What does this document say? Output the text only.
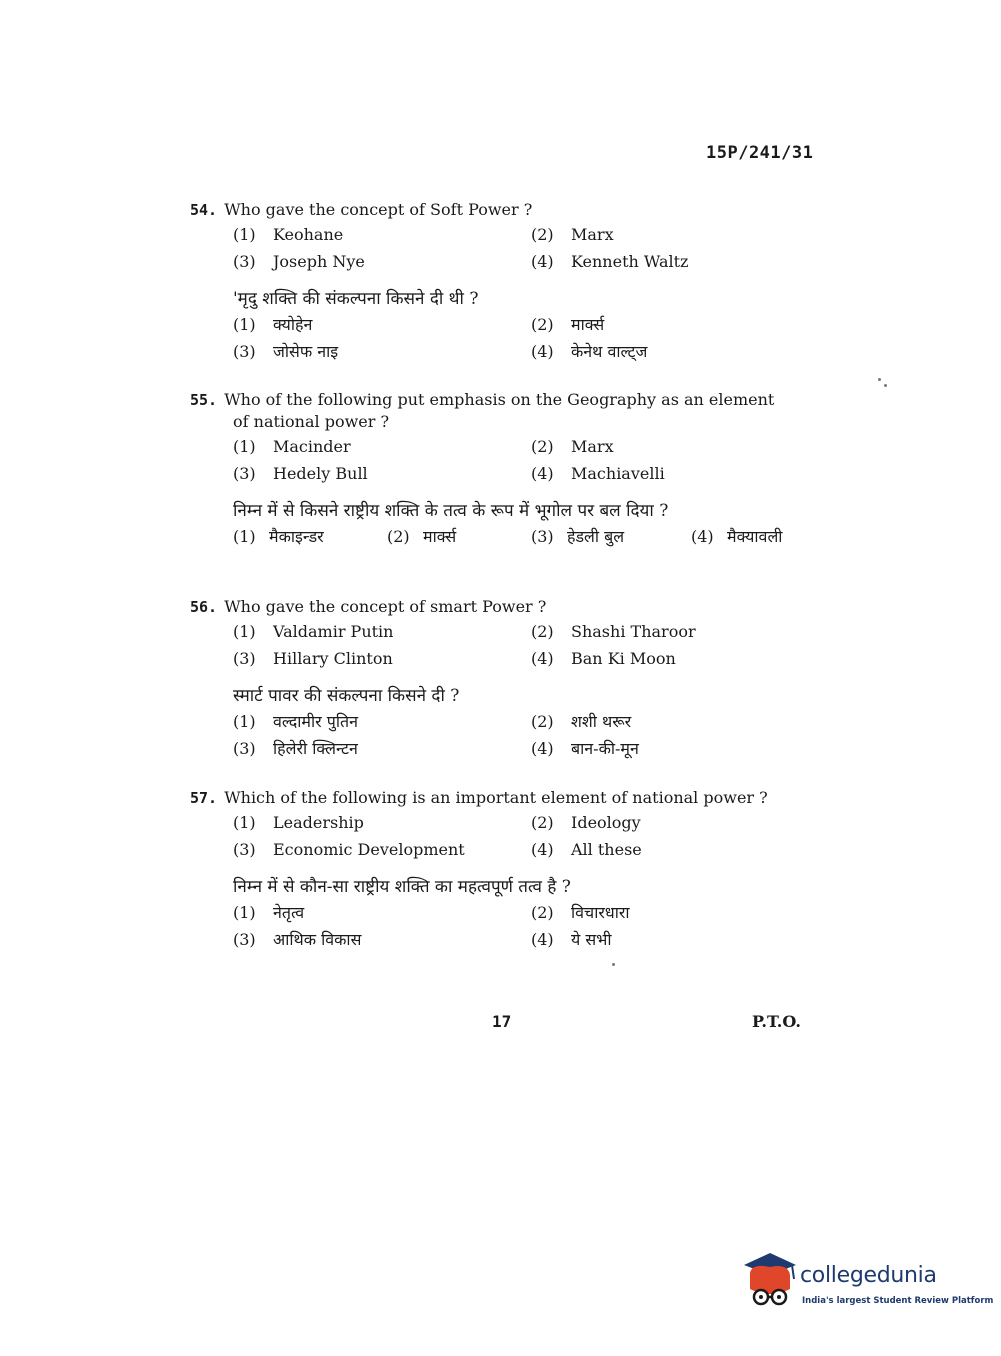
15P/241/31
54. Who gave the concept of Soft Power ?
(1) Keohane	(2) Marx
(3) Joseph Nye	(4) Kenneth Waltz
'मृदु शक्ति की संकल्पना किसने दी थी ?
(1) क्योहेन	(2) मार्क्स
(3) जोसेफ नाइ	(4) केनेथ वाल्ट्ज
55. Who of the following put emphasis on the Geography as an element
of national power ?
(1) Macinder	(2) Marx
(3) Hedely Bull	(4) Machiavelli
निम्न में से किसने राष्ट्रीय शक्ति के तत्व के रूप में भूगोल पर बल दिया ?
(1) मैकाइन्डर	(2) मार्क्स	(3) हेडली बुल	(4) मैक्यावली
56. Who gave the concept of smart Power ?
(1) Valdamir Putin	(2) Shashi Tharoor
(3) Hillary Clinton	(4) Ban Ki Moon
स्मार्ट पावर की संकल्पना किसने दी ?
(1) वल्दामीर पुतिन	(2) शशी थरूर
(3) हिलेरी क्लिन्टन	(4) बान-की-मून
57. Which of the following is an important element of national power ?
(1) Leadership	(2) Ideology
(3) Economic Development	(4) All these
निम्न में से कौन-सा राष्ट्रीय शक्ति का महत्वपूर्ण तत्व है ?
(1) नेतृत्व	(2) विचारधारा
(3) आथिक विकास	(4) ये सभी
17	P.T.O.
collegedunia
India's largest Student Review Platform
